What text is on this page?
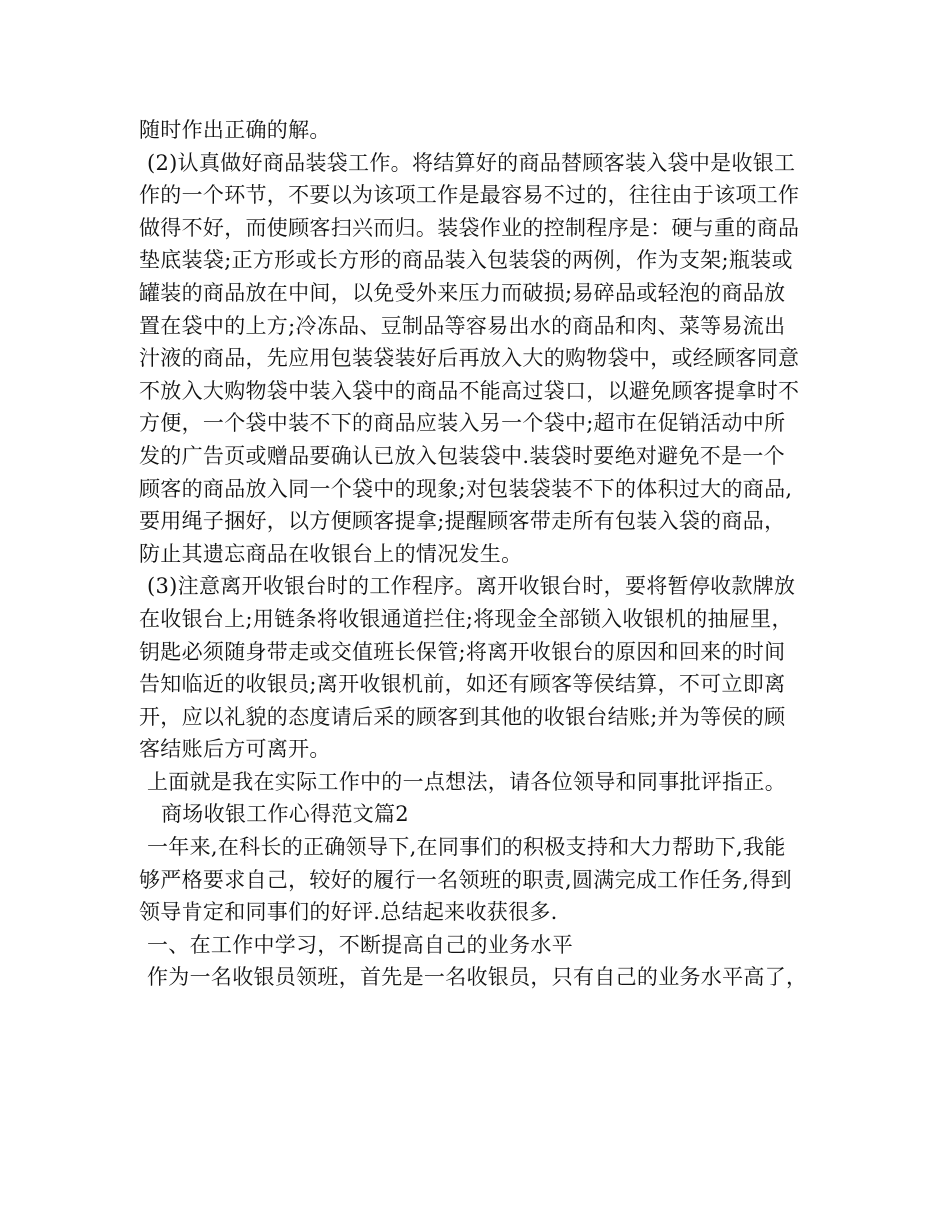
随时作出正确的解。
(2)认真做好商品装袋工作。将结算好的商品替顾客装入袋中是收银工
作的一个环节，不要以为该项工作是最容易不过的，往往由于该项工作
做得不好，而使顾客扫兴而归。装袋作业的控制程序是：硬与重的商品
垫底装袋;正方形或长方形的商品装入包装袋的两例，作为支架;瓶装或
罐装的商品放在中间，以免受外来压力而破损;易碎品或轻泡的商品放
置在袋中的上方;冷冻品、豆制品等容易出水的商品和肉、菜等易流出
汁液的商品，先应用包装袋装好后再放入大的购物袋中，或经顾客同意
不放入大购物袋中装入袋中的商品不能高过袋口，以避免顾客提拿时不
方便，一个袋中装不下的商品应装入另一个袋中;超市在促销活动中所
发的广告页或赠品要确认已放入包装袋中.装袋时要绝对避免不是一个
顾客的商品放入同一个袋中的现象;对包装袋装不下的体积过大的商品,
要用绳子捆好，以方便顾客提拿;提醒顾客带走所有包装入袋的商品，
防止其遗忘商品在收银台上的情况发生。
(3)注意离开收银台时的工作程序。离开收银台时，要将暂停收款牌放
在收银台上;用链条将收银通道拦住;将现金全部锁入收银机的抽屉里，
钥匙必须随身带走或交值班长保管;将离开收银台的原因和回来的时间
告知临近的收银员;离开收银机前，如还有顾客等侯结算，不可立即离
开，应以礼貌的态度请后采的顾客到其他的收银台结账;并为等侯的顾
客结账后方可离开。
上面就是我在实际工作中的一点想法，请各位领导和同事批评指正。
商场收银工作心得范文篇2
一年来,在科长的正确领导下,在同事们的积极支持和大力帮助下,我能
够严格要求自己，较好的履行一名领班的职责,圆满完成工作任务,得到
领导肯定和同事们的好评.总结起来收获很多.
一、在工作中学习，不断提高自己的业务水平
作为一名收银员领班，首先是一名收银员，只有自己的业务水平高了，
